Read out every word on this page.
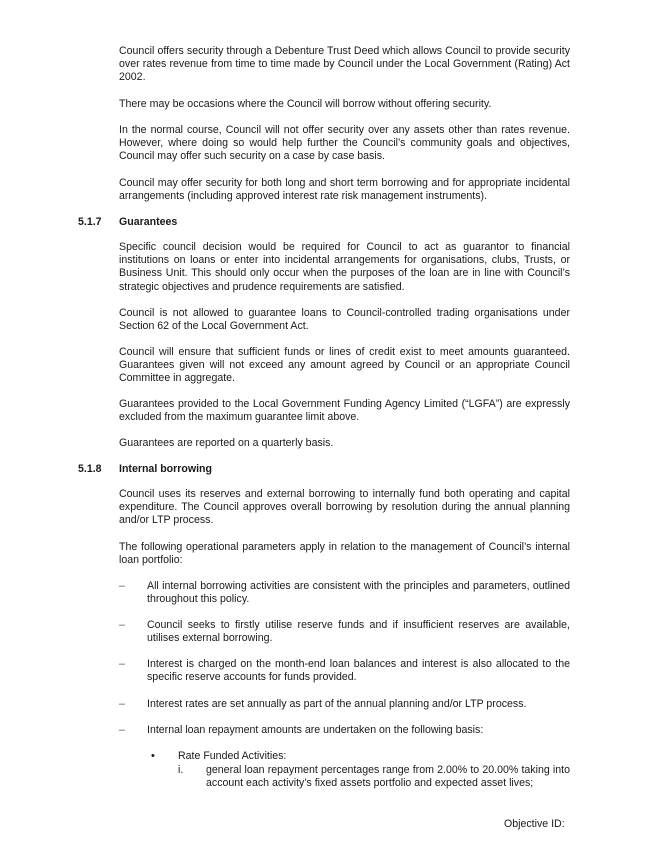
Council offers security through a Debenture Trust Deed which allows Council to provide security over rates revenue from time to time made by Council under the Local Government (Rating) Act 2002.

There may be occasions where the Council will borrow without offering security.

In the normal course, Council will not offer security over any assets other than rates revenue. However, where doing so would help further the Council’s community goals and objectives, Council may offer such security on a case by case basis.

Council may offer security for both long and short term borrowing and for appropriate incidental arrangements (including approved interest rate risk management instruments).

5.1.7 Guarantees

Specific council decision would be required for Council to act as guarantor to financial institutions on loans or enter into incidental arrangements for organisations, clubs, Trusts, or Business Unit. This should only occur when the purposes of the loan are in line with Council’s strategic objectives and prudence requirements are satisfied.

Council is not allowed to guarantee loans to Council-controlled trading organisations under Section 62 of the Local Government Act.

Council will ensure that sufficient funds or lines of credit exist to meet amounts guaranteed. Guarantees given will not exceed any amount agreed by Council or an appropriate Council Committee in aggregate.

Guarantees provided to the Local Government Funding Agency Limited (“LGFA”) are expressly excluded from the maximum guarantee limit above.

Guarantees are reported on a quarterly basis.

5.1.8 Internal borrowing

Council uses its reserves and external borrowing to internally fund both operating and capital expenditure. The Council approves overall borrowing by resolution during the annual planning and/or LTP process.

The following operational parameters apply in relation to the management of Council’s internal loan portfolio:

– All internal borrowing activities are consistent with the principles and parameters, outlined throughout this policy.

– Council seeks to firstly utilise reserve funds and if insufficient reserves are available, utilises external borrowing.

– Interest is charged on the month-end loan balances and interest is also allocated to the specific reserve accounts for funds provided.

– Interest rates are set annually as part of the annual planning and/or LTP process.

– Internal loan repayment amounts are undertaken on the following basis:

• Rate Funded Activities:
i. general loan repayment percentages range from 2.00% to 20.00% taking into account each activity’s fixed assets portfolio and expected asset lives;

Objective ID:
